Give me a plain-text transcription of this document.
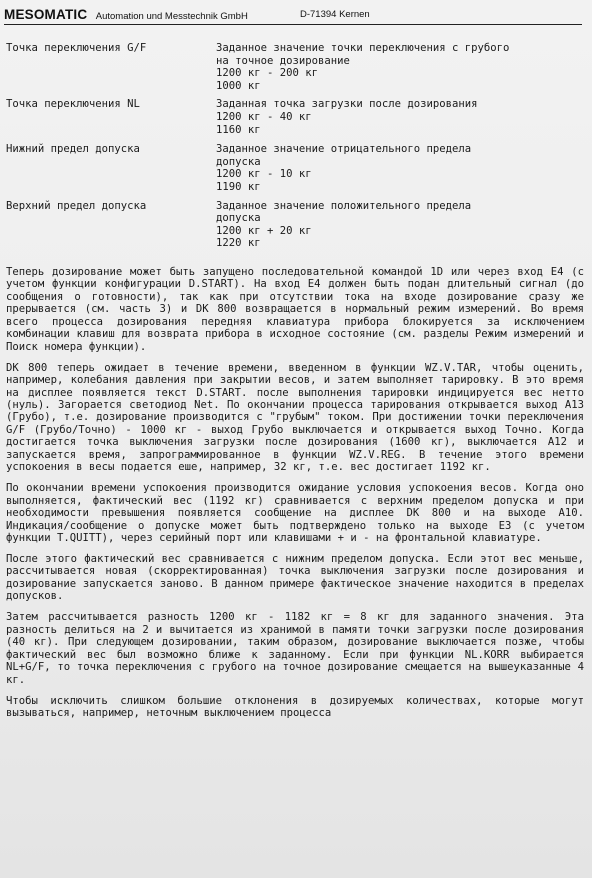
MESOMATIC Automation und Messtechnik GmbH	D-71394 Kernen
Точка переключения G/F	Заданное значение точки переключения с грубого
на точное дозирование
1200 кг - 200 кг
1000 кг
Точка переключения NL	Заданная точка загрузки после дозирования
1200 кг - 40 кг
1160 кг
Нижний предел допуска	Заданное значение отрицательного предела
допуска
1200 кг - 10 кг
1190 кг
Верхний предел допуска	Заданное значение положительного предела
допуска
1200 кг + 20 кг
1220 кг

Теперь дозирование может быть запущено последовательной командой 1D или через вход E4 (с учетом функции конфигурации D.START). На вход E4 должен быть подан длительный сигнал (до сообщения о готовности), так как при отсутствии тока на входе дозирование сразу же прерывается (см. часть 3) и DK 800 возвращается в нормальный режим измерений. Во время всего процесса дозирования передняя клавиатура прибора блокируется за исключением комбинации клавиш для возврата прибора в исходное состояние (см. разделы Режим измерений и Поиск номера функции).

DK 800 теперь ожидает в течение времени, введенном в функции WZ.V.TAR, чтобы оценить, например, колебания давления при закрытии весов, и затем выполняет тарировку. В это время на дисплее появляется текст D.START. после выполнения тарировки индицируется вес нетто (нуль). Загорается светодиод Net. По окончании процесса тарирования открывается выход A13 (Грубо), т.е. дозирование производится с "грубым" током. При достижении точки переключения G/F (Грубо/Точно) - 1000 кг - выход Грубо выключается и открывается выход Точно. Когда достигается точка выключения загрузки после дозирования (1600 кг), выключается A12 и запускается время, запрограммированное в функции WZ.V.REG. В течение этого времени успокоения в весы подается еше, например, 32 кг, т.е. вес достигает 1192 кг.

По окончании времени успокоения производится ожидание условия успокоения весов. Когда оно выполняется, фактический вес (1192 кг) сравнивается с верхним пределом допуска и при необходимости превышения появляется сообщение на дисплее DK 800 и на выходе A10. Индикация/сообщение о допуске может быть подтверждено только на выходе E3 (с учетом функции T.QUITT), через серийный порт или клавишами + и - на фронтальной клавиатуре.

После этого фактический вес сравнивается с нижним пределом допуска. Если этот вес меньше, рассчитывается новая (скорректированная) точка выключения загрузки после дозирования и дозирование запускается заново. В данном примере фактическое значение находится в пределах допусков.

Затем рассчитывается разность 1200 кг - 1182 кг = 8 кг для заданного значения. Эта разность делиться на 2 и вычитается из хранимой в памяти точки загрузки после дозирования (40 кг). При следующем дозировании, таким образом, дозирование выключается позже, чтобы фактический вес был возможно ближе к заданному. Если при функции NL.KORR выбирается NL+G/F, то точка переключения с грубого на точное дозирование смещается на вышеуказанные 4 кг.

Чтобы исключить слишком большие отклонения в дозируемых количествах, которые могут вызываться, например, неточным выключением процесса
